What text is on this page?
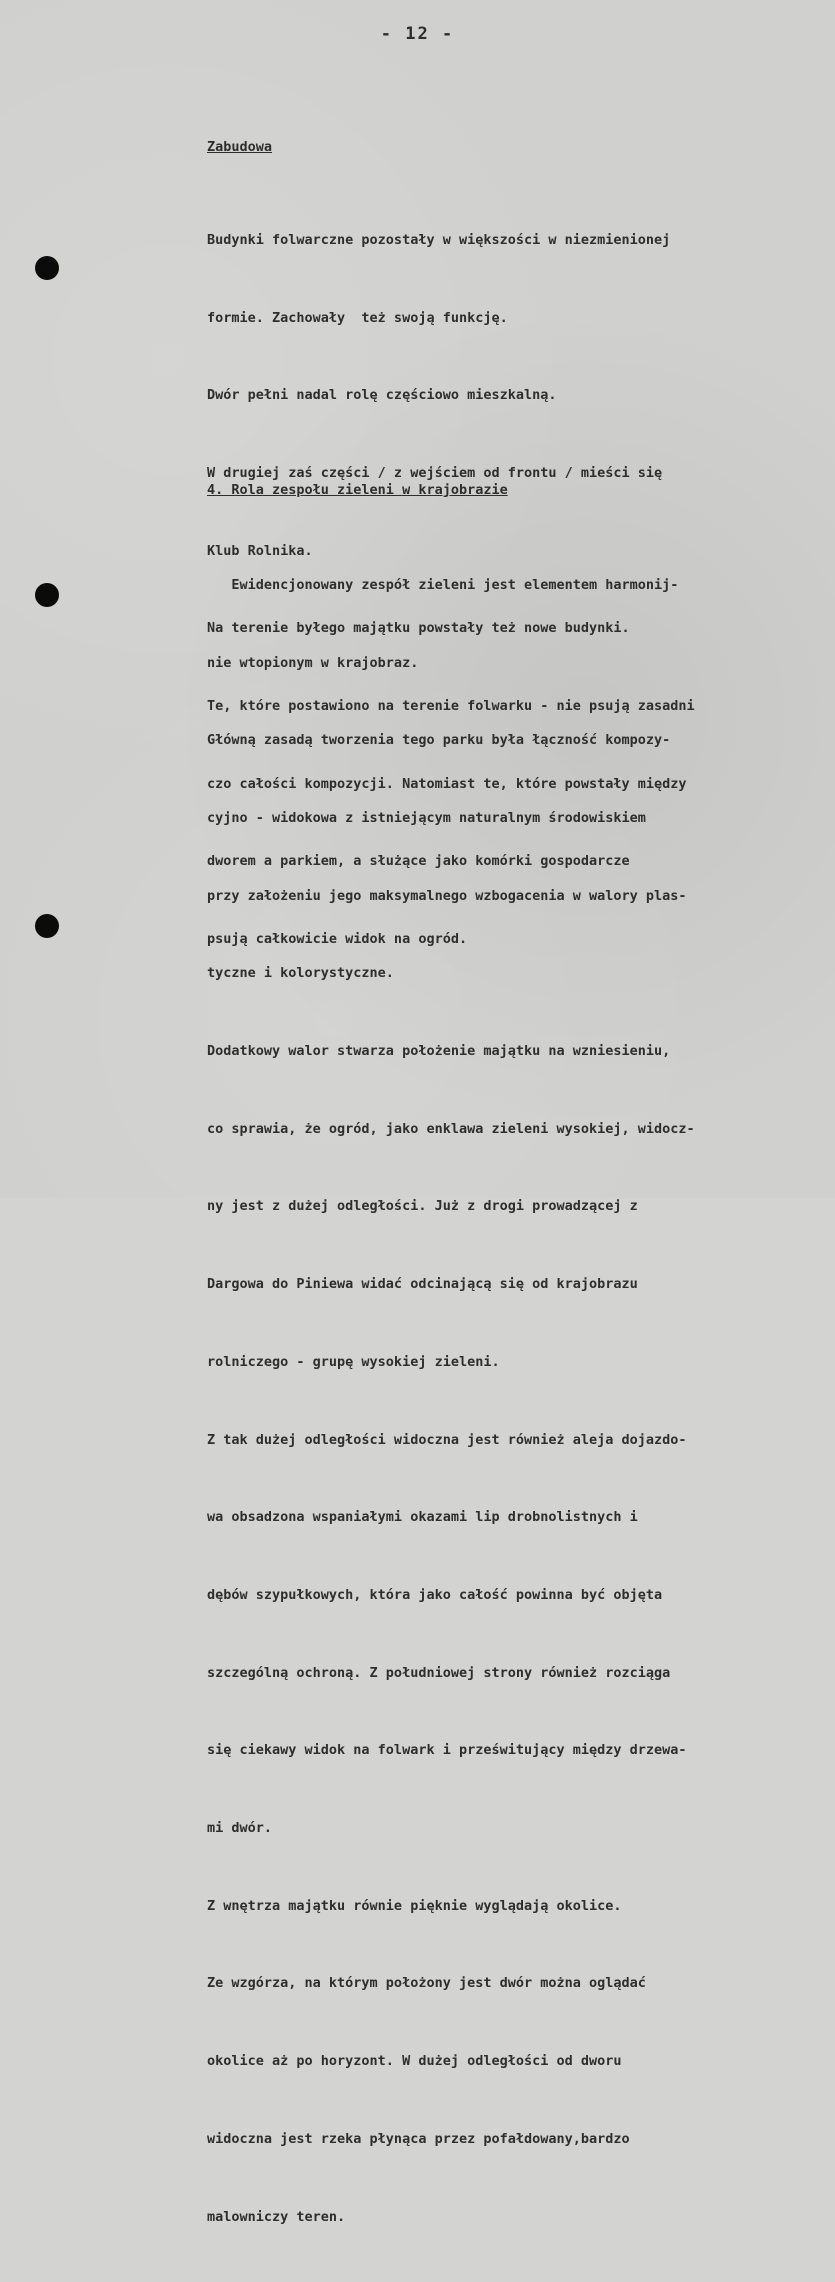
- 12 -
Zabudowa

Budynki folwarczne pozostały w większości w niezmienionej

formie. Zachowały  też swoją funkcję.

Dwór pełni nadal rolę częściowo mieszkalną.

W drugiej zaś części / z wejściem od frontu / mieści się

Klub Rolnika.

Na terenie byłego majątku powstały też nowe budynki.

Te, które postawiono na terenie folwarku - nie psują zasadni

czo całości kompozycji. Natomiast te, które powstały między

dworem a parkiem, a służące jako komórki gospodarcze

psują całkowicie widok na ogród.

4. Rola zespołu zieleni w krajobrazie

Ewidencjonowany zespół zieleni jest elementem harmonij-

nie wtopionym w krajobraz.

Główną zasadą tworzenia tego parku była łączność kompozy-

cyjno - widokowa z istniejącym naturalnym środowiskiem

przy założeniu jego maksymalnego wzbogacenia w walory plas-

tyczne i kolorystyczne.

Dodatkowy walor stwarza położenie majątku na wzniesieniu,

co sprawia, że ogród, jako enklawa zieleni wysokiej, widocz-

ny jest z dużej odległości. Już z drogi prowadzącej z

Dargowa do Piniewa widać odcinającą się od krajobrazu

rolniczego - grupę wysokiej zieleni.

Z tak dużej odległości widoczna jest również aleja dojazdo-

wa obsadzona wspaniałymi okazami lip drobnolistnych i

dębów szypułkowych, która jako całość powinna być objęta

szczególną ochroną. Z południowej strony również rozciąga

się ciekawy widok na folwark i prześwitujący między drzewa-

mi dwór.

Z wnętrza majątku równie pięknie wyglądają okolice.

Ze wzgórza, na którym położony jest dwór można oglądać

okolice aż po horyzont. W dużej odległości od dworu

widoczna jest rzeka płynąca przez pofałdowany,bardzo

malowniczy teren.
